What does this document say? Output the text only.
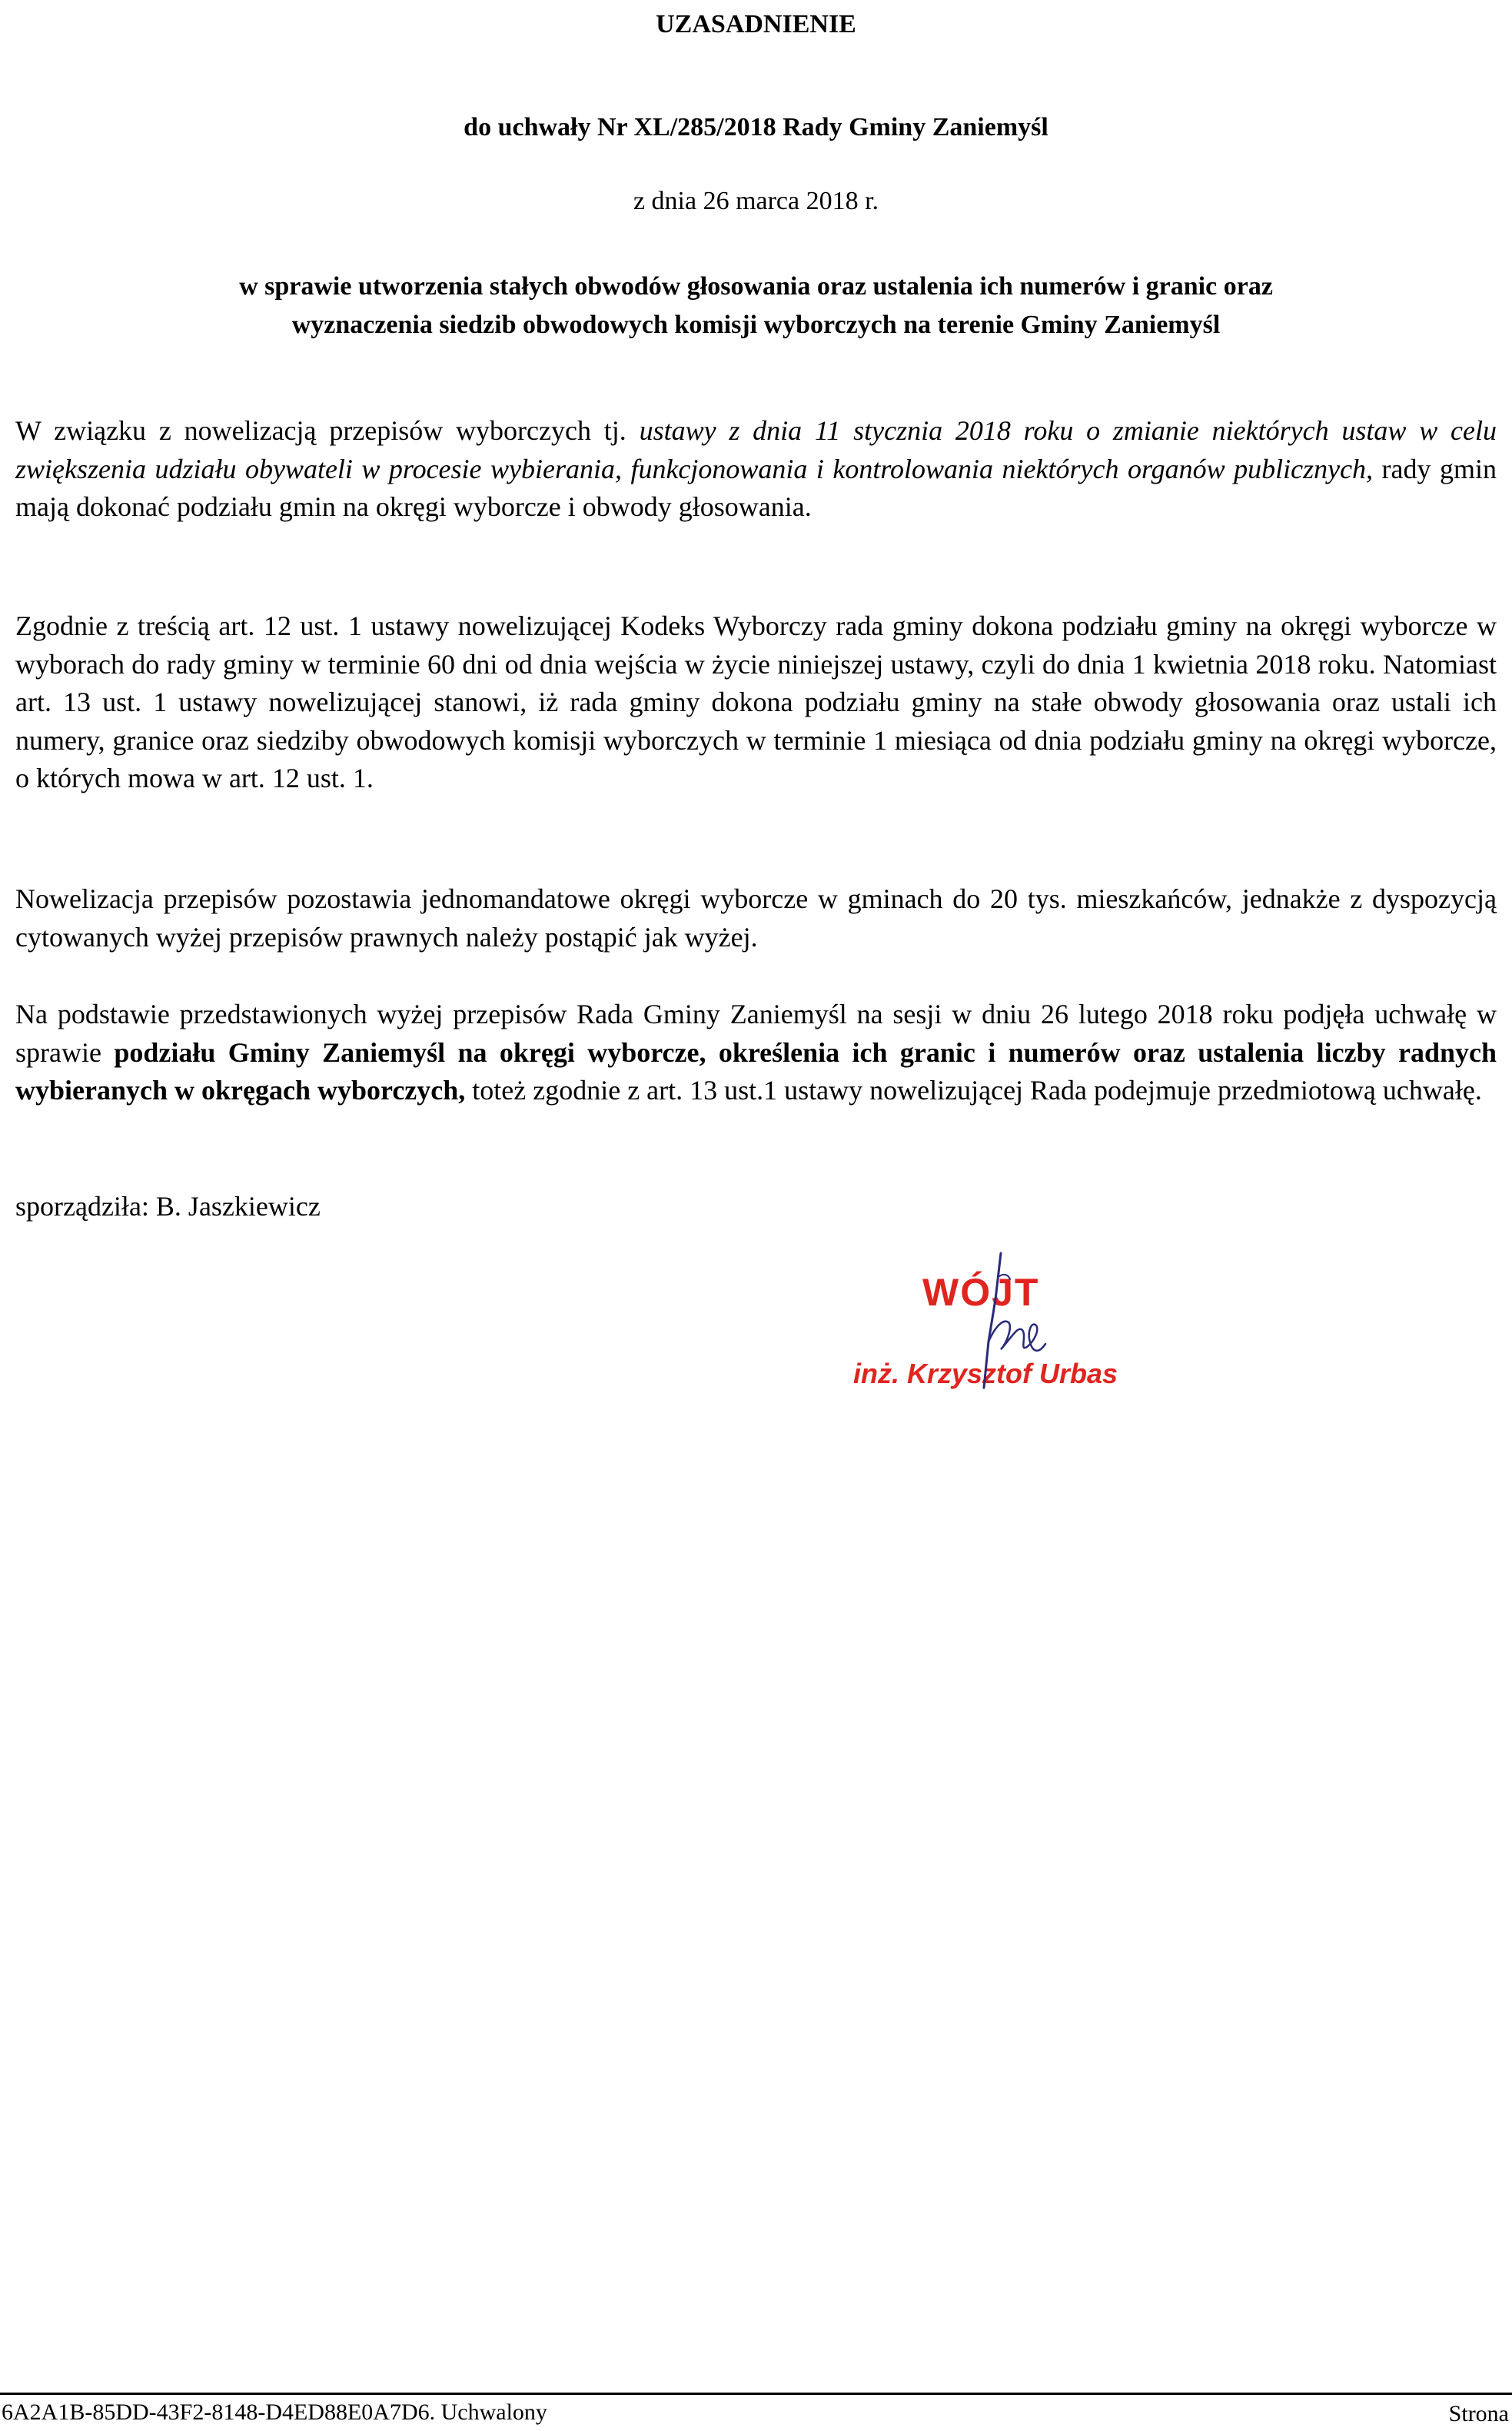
UZASADNIENIE
do uchwały Nr XL/285/2018 Rady Gminy Zaniemyśl
z dnia 26 marca 2018 r.
w sprawie utworzenia stałych obwodów głosowania oraz ustalenia ich numerów i granic oraz
wyznaczenia siedzib obwodowych komisji wyborczych na terenie Gminy Zaniemyśl

W związku z nowelizacją przepisów wyborczych tj. ustawy z dnia 11 stycznia 2018 roku o zmianie niektórych ustaw w celu zwiększenia udziału obywateli w procesie wybierania, funkcjonowania i kontrolowania niektórych organów publicznych, rady gmin mają dokonać podziału gmin na okręgi wyborcze i obwody głosowania.

Zgodnie z treścią art. 12 ust. 1 ustawy nowelizującej Kodeks Wyborczy rada gminy dokona podziału gminy na okręgi wyborcze w wyborach do rady gminy w terminie 60 dni od dnia wejścia w życie niniejszej ustawy, czyli do dnia 1 kwietnia 2018 roku. Natomiast art. 13 ust. 1 ustawy nowelizującej stanowi, iż rada gminy dokona podziału gminy na stałe obwody głosowania oraz ustali ich numery, granice oraz siedziby obwodowych komisji wyborczych w terminie 1 miesiąca od dnia podziału gminy na okręgi wyborcze, o których mowa w art. 12 ust. 1.

Nowelizacja przepisów pozostawia jednomandatowe okręgi wyborcze w gminach do 20 tys. mieszkańców, jednakże z dyspozycją cytowanych wyżej przepisów prawnych należy postąpić jak wyżej.

Na podstawie przedstawionych wyżej przepisów Rada Gminy Zaniemyśl na sesji w dniu 26 lutego 2018 roku podjęła uchwałę w sprawie podziału Gminy Zaniemyśl na okręgi wyborcze, określenia ich granic i numerów oraz ustalenia liczby radnych wybieranych w okręgach wyborczych, toteż zgodnie z art. 13 ust.1 ustawy nowelizującej Rada podejmuje przedmiotową uchwałę.

sporządziła: B. Jaszkiewicz

WÓJT
inż. Krzysztof Urbas
6A2A1B-85DD-43F2-8148-D4ED88E0A7D6. Uchwalony	Strona
